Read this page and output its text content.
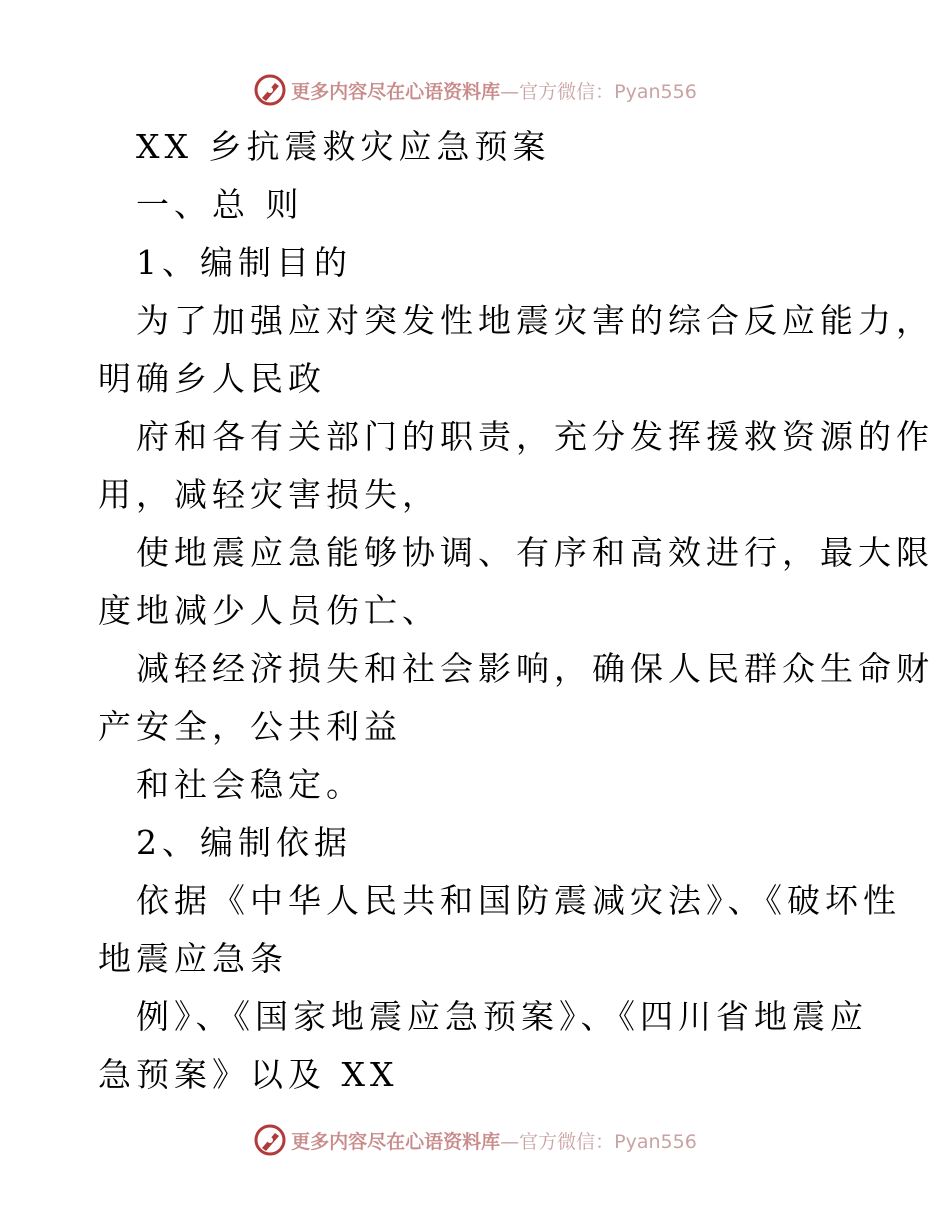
更多内容尽在心语资料库—官方微信：Pyan556
XX 乡抗震救灾应急预案
一、总 则
1、编制目的
为了加强应对突发性地震灾害的综合反应能力，
明确乡人民政
府和各有关部门的职责，充分发挥援救资源的作
用，减轻灾害损失，
使地震应急能够协调、有序和高效进行，最大限
度地减少人员伤亡、
减轻经济损失和社会影响，确保人民群众生命财
产安全，公共利益
和社会稳定。
2、编制依据
依据《中华人民共和国防震减灾法》、《破坏性
地震应急条
例》、《国家地震应急预案》、《四川省地震应
急预案》以及 XX
更多内容尽在心语资料库—官方微信：Pyan556
